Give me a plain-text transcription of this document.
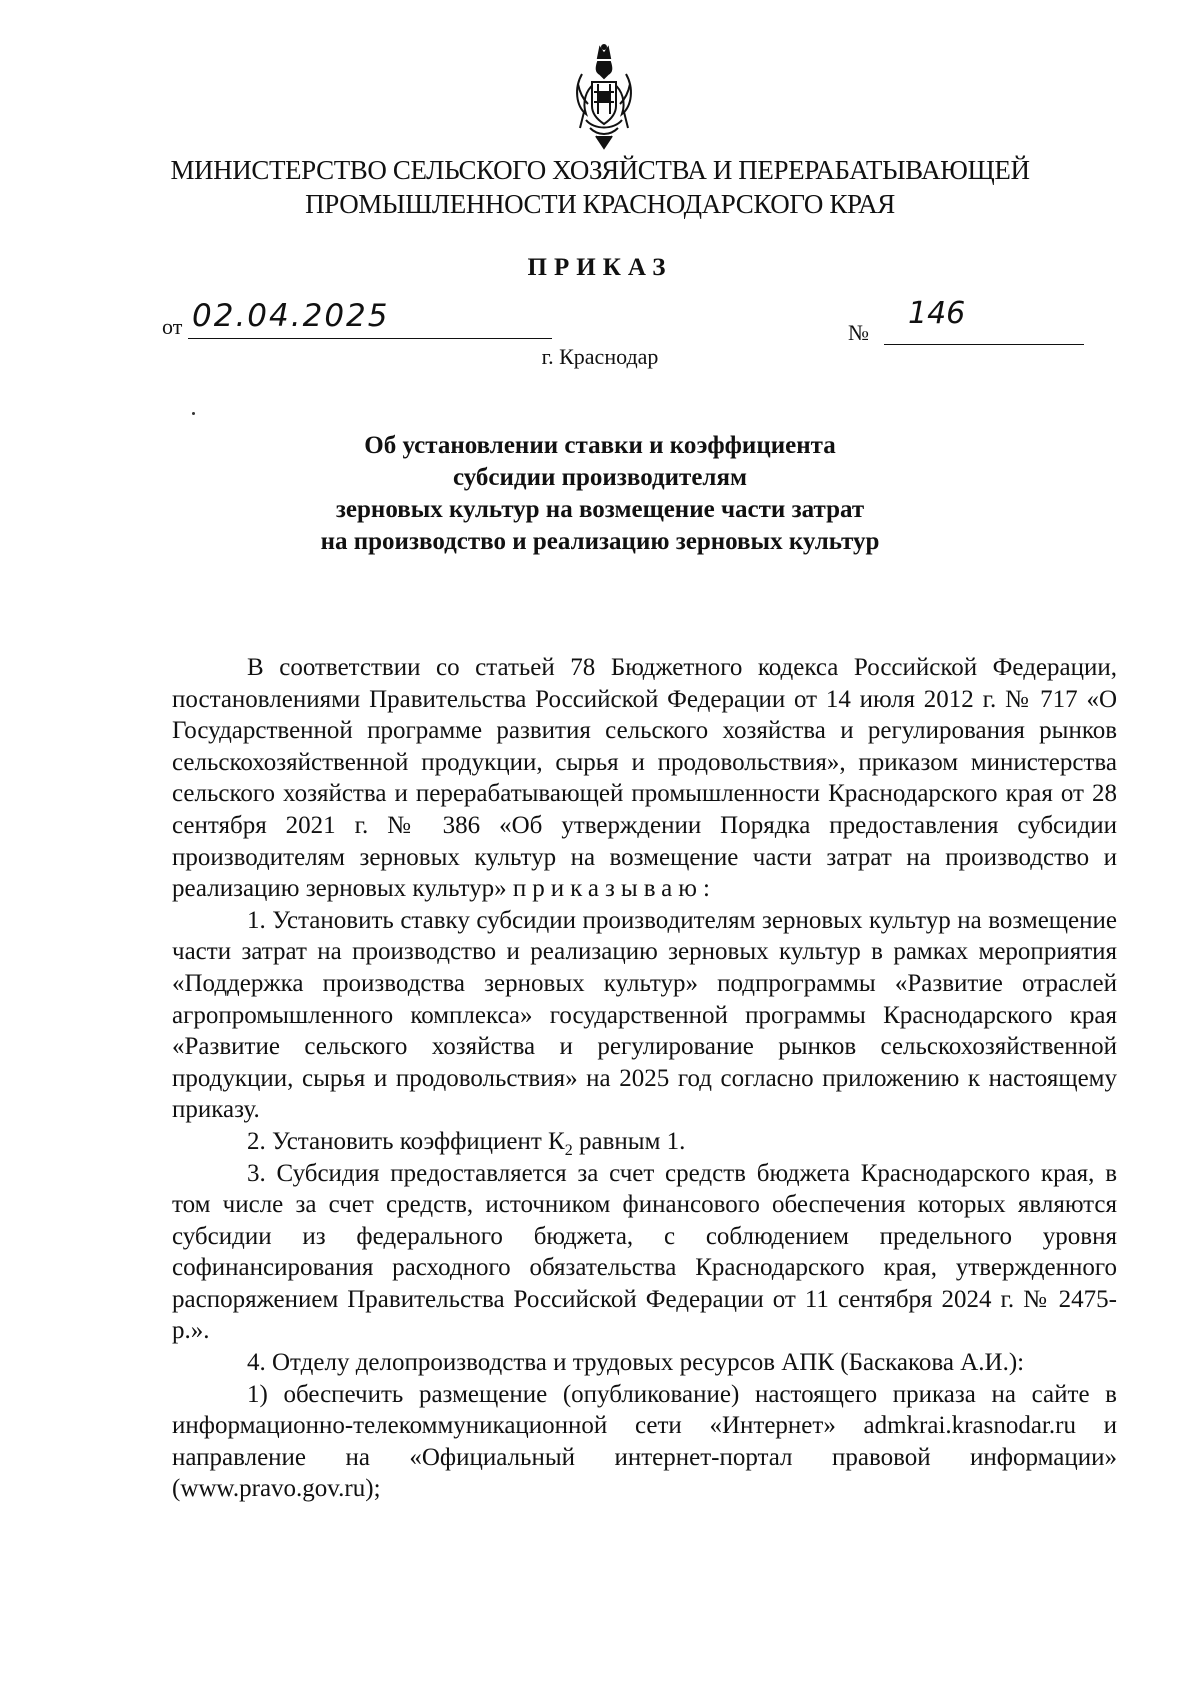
МИНИСТЕРСТВО СЕЛЬСКОГО ХОЗЯЙСТВА И ПЕРЕРАБАТЫВАЮЩЕЙ
ПРОМЫШЛЕННОСТИ КРАСНОДАРСКОГО КРАЯ
ПРИКАЗ
от 02.04.2025	№
146
г. Краснодар
Об установлении ставки и коэффициента
субсидии производителям
зерновых культур на возмещение части затрат
на производство и реализацию зерновых культур

В соответствии со статьей 78 Бюджетного кодекса Российской Федерации, постановлениями Правительства Российской Федерации от 14 июля 2012 г. № 717 «О Государственной программе развития сельского хозяйства и регулирования рынков сельскохозяйственной продукции, сырья и продовольствия», приказом министерства сельского хозяйства и перерабатывающей промышленности Краснодарского края от 28 сентября 2021 г. № 386 «Об утверждении Порядка предоставления субсидии производителям зерновых культур на возмещение части затрат на производство и реализацию зерновых культур» приказываю:

1. Установить ставку субсидии производителям зерновых культур на возмещение части затрат на производство и реализацию зерновых культур в рамках мероприятия «Поддержка производства зерновых культур» подпрограммы «Развитие отраслей агропромышленного комплекса» государственной программы Краснодарского края «Развитие сельского хозяйства и регулирование рынков сельскохозяйственной продукции, сырья и продовольствия» на 2025 год согласно приложению к настоящему приказу.

2. Установить коэффициент $К_2$ равным 1.

3. Субсидия предоставляется за счет средств бюджета Краснодарского края, в том числе за счет средств, источником финансового обеспечения которых являются субсидии из федерального бюджета, с соблюдением предельного уровня софинансирования расходного обязательства Краснодарского края, утвержденного распоряжением Правительства Российской Федерации от 11 сентября 2024 г. № 2475-р.».

4. Отделу делопроизводства и трудовых ресурсов АПК (Баскакова А.И.):

1) обеспечить размещение (опубликование) настоящего приказа на сайте в информационно-телекоммуникационной сети «Интернет» admkrai.krasnodar.ru и направление на «Официальный интернет-портал правовой информации» (www.pravo.gov.ru);
